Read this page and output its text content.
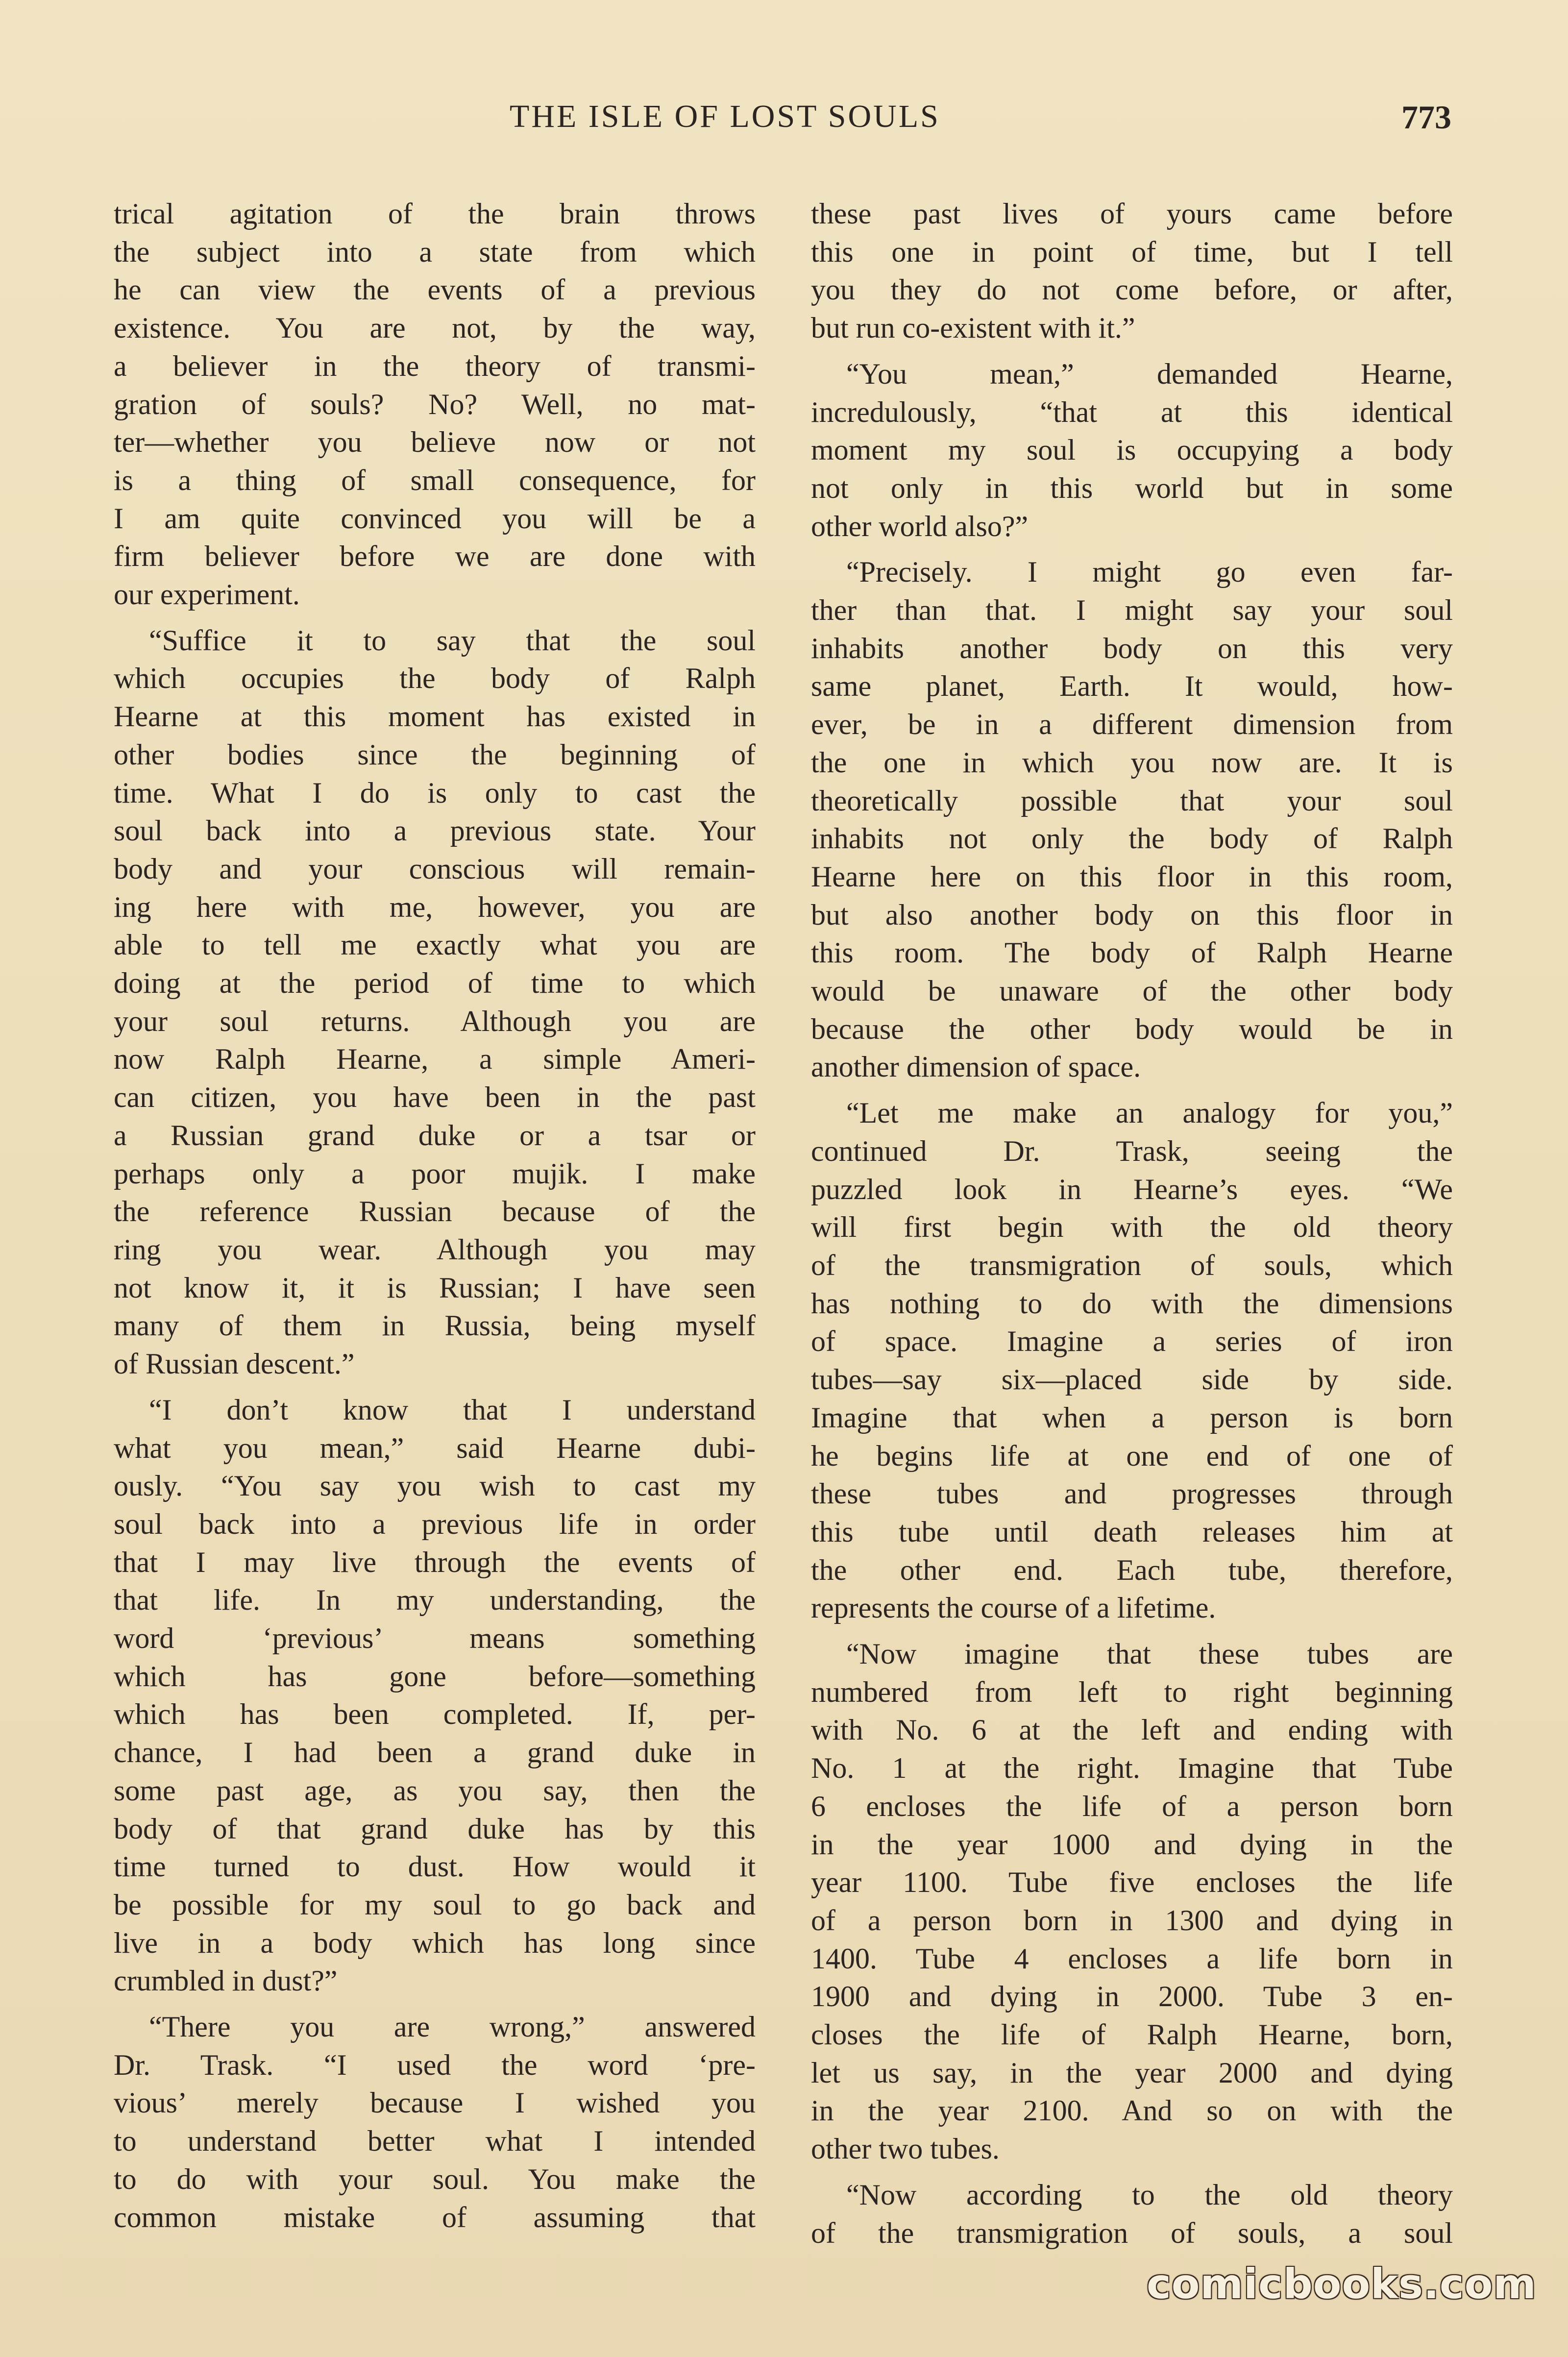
THE ISLE OF LOST SOULS	773
trical agitation of the brain throws
the subject into a state from which
he can view the events of a previous
existence. You are not, by the way,
a believer in the theory of transmi-
gration of souls? No? Well, no mat-
ter—whether you believe now or not
is a thing of small consequence, for
I am quite convinced you will be a
firm believer before we are done with
our experiment.
“Suffice it to say that the soul
which occupies the body of Ralph
Hearne at this moment has existed in
other bodies since the beginning of
time. What I do is only to cast the
soul back into a previous state. Your
body and your conscious will remain-
ing here with me, however, you are
able to tell me exactly what you are
doing at the period of time to which
your soul returns. Although you are
now Ralph Hearne, a simple Ameri-
can citizen, you have been in the past
a Russian grand duke or a tsar or
perhaps only a poor mujik. I make
the reference Russian because of the
ring you wear. Although you may
not know it, it is Russian; I have seen
many of them in Russia, being myself
of Russian descent.”
“I don’t know that I understand
what you mean,” said Hearne dubi-
ously. “You say you wish to cast my
soul back into a previous life in order
that I may live through the events of
that life. In my understanding, the
word ‘previous’ means something
which has gone before—something
which has been completed. If, per-
chance, I had been a grand duke in
some past age, as you say, then the
body of that grand duke has by this
time turned to dust. How would it
be possible for my soul to go back and
live in a body which has long since
crumbled in dust?”
“There you are wrong,” answered
Dr. Trask. “I used the word ‘pre-
vious’ merely because I wished you
to understand better what I intended
to do with your soul. You make the
common mistake of assuming that
these past lives of yours came before
this one in point of time, but I tell
you they do not come before, or after,
but run co-existent with it.”
“You mean,” demanded Hearne,
incredulously, “that at this identical
moment my soul is occupying a body
not only in this world but in some
other world also?”
“Precisely. I might go even far-
ther than that. I might say your soul
inhabits another body on this very
same planet, Earth. It would, how-
ever, be in a different dimension from
the one in which you now are. It is
theoretically possible that your soul
inhabits not only the body of Ralph
Hearne here on this floor in this room,
but also another body on this floor in
this room. The body of Ralph Hearne
would be unaware of the other body
because the other body would be in
another dimension of space.
“Let me make an analogy for you,”
continued Dr. Trask, seeing the
puzzled look in Hearne’s eyes. “We
will first begin with the old theory
of the transmigration of souls, which
has nothing to do with the dimensions
of space. Imagine a series of iron
tubes—say six—placed side by side.
Imagine that when a person is born
he begins life at one end of one of
these tubes and progresses through
this tube until death releases him at
the other end. Each tube, therefore,
represents the course of a lifetime.
“Now imagine that these tubes are
numbered from left to right beginning
with No. 6 at the left and ending with
No. 1 at the right. Imagine that Tube
6 encloses the life of a person born
in the year 1000 and dying in the
year 1100. Tube five encloses the life
of a person born in 1300 and dying in
1400. Tube 4 encloses a life born in
1900 and dying in 2000. Tube 3 en-
closes the life of Ralph Hearne, born,
let us say, in the year 2000 and dying
in the year 2100. And so on with the
other two tubes.
“Now according to the old theory
of the transmigration of souls, a soul
comicbooks.com
